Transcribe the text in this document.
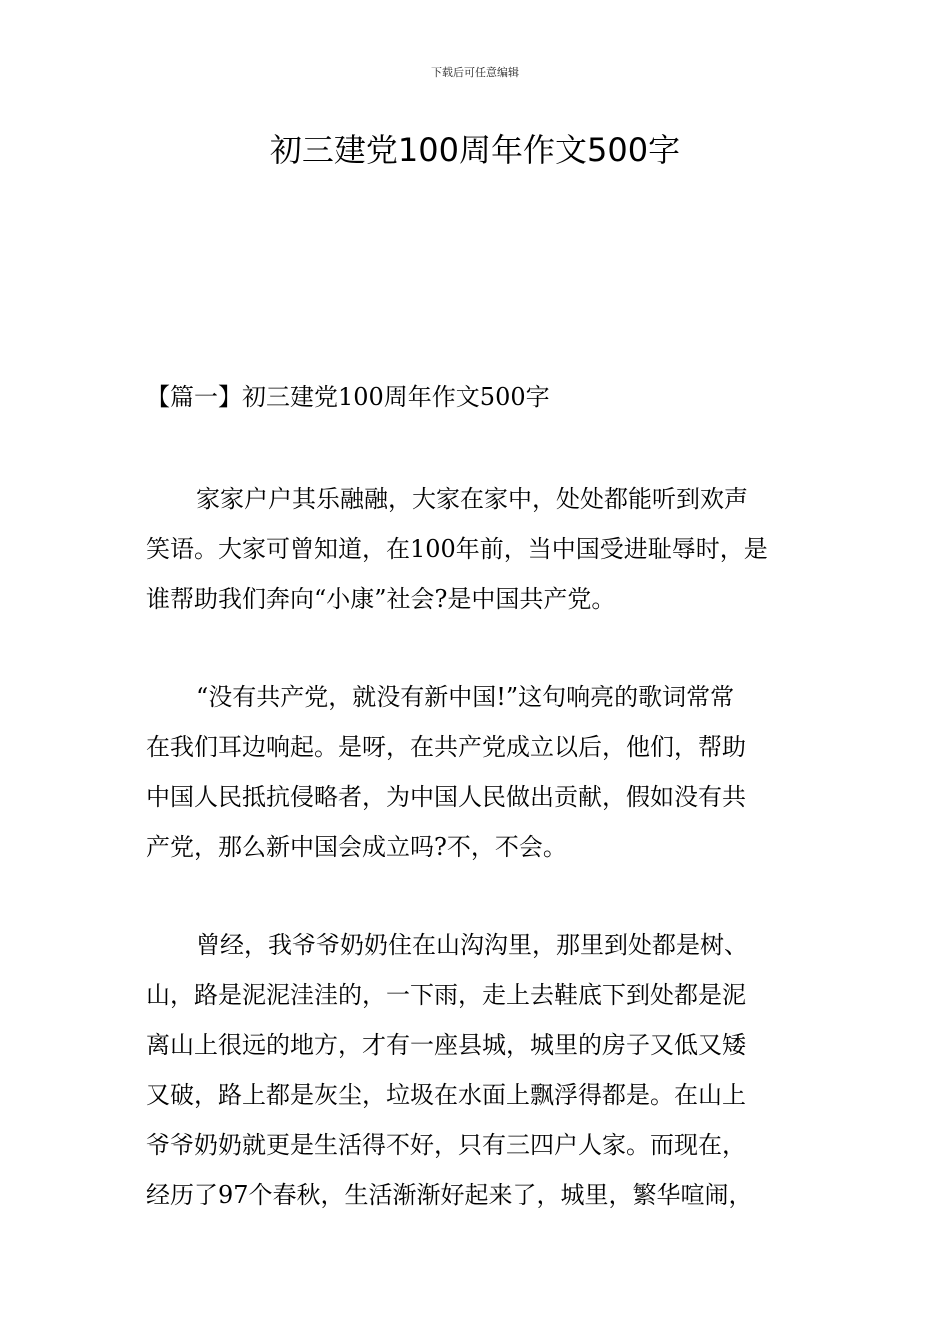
下载后可任意编辑
初三建党100周年作文500字
【篇一】初三建党100周年作文500字

家家户户其乐融融，大家在家中，处处都能听到欢声
笑语。大家可曾知道，在100年前，当中国受进耻辱时，是
谁帮助我们奔向“小康”社会?是中国共产党。

“没有共产党，就没有新中国!”这句响亮的歌词常常
在我们耳边响起。是呀，在共产党成立以后，他们，帮助
中国人民抵抗侵略者，为中国人民做出贡献，假如没有共
产党，那么新中国会成立吗?不，不会。

曾经，我爷爷奶奶住在山沟沟里，那里到处都是树、
山，路是泥泥洼洼的，一下雨，走上去鞋底下到处都是泥
离山上很远的地方，才有一座县城，城里的房子又低又矮
又破，路上都是灰尘，垃圾在水面上飘浮得都是。在山上
爷爷奶奶就更是生活得不好，只有三四户人家。而现在，
经历了97个春秋，生活渐渐好起来了，城里，繁华喧闹，
